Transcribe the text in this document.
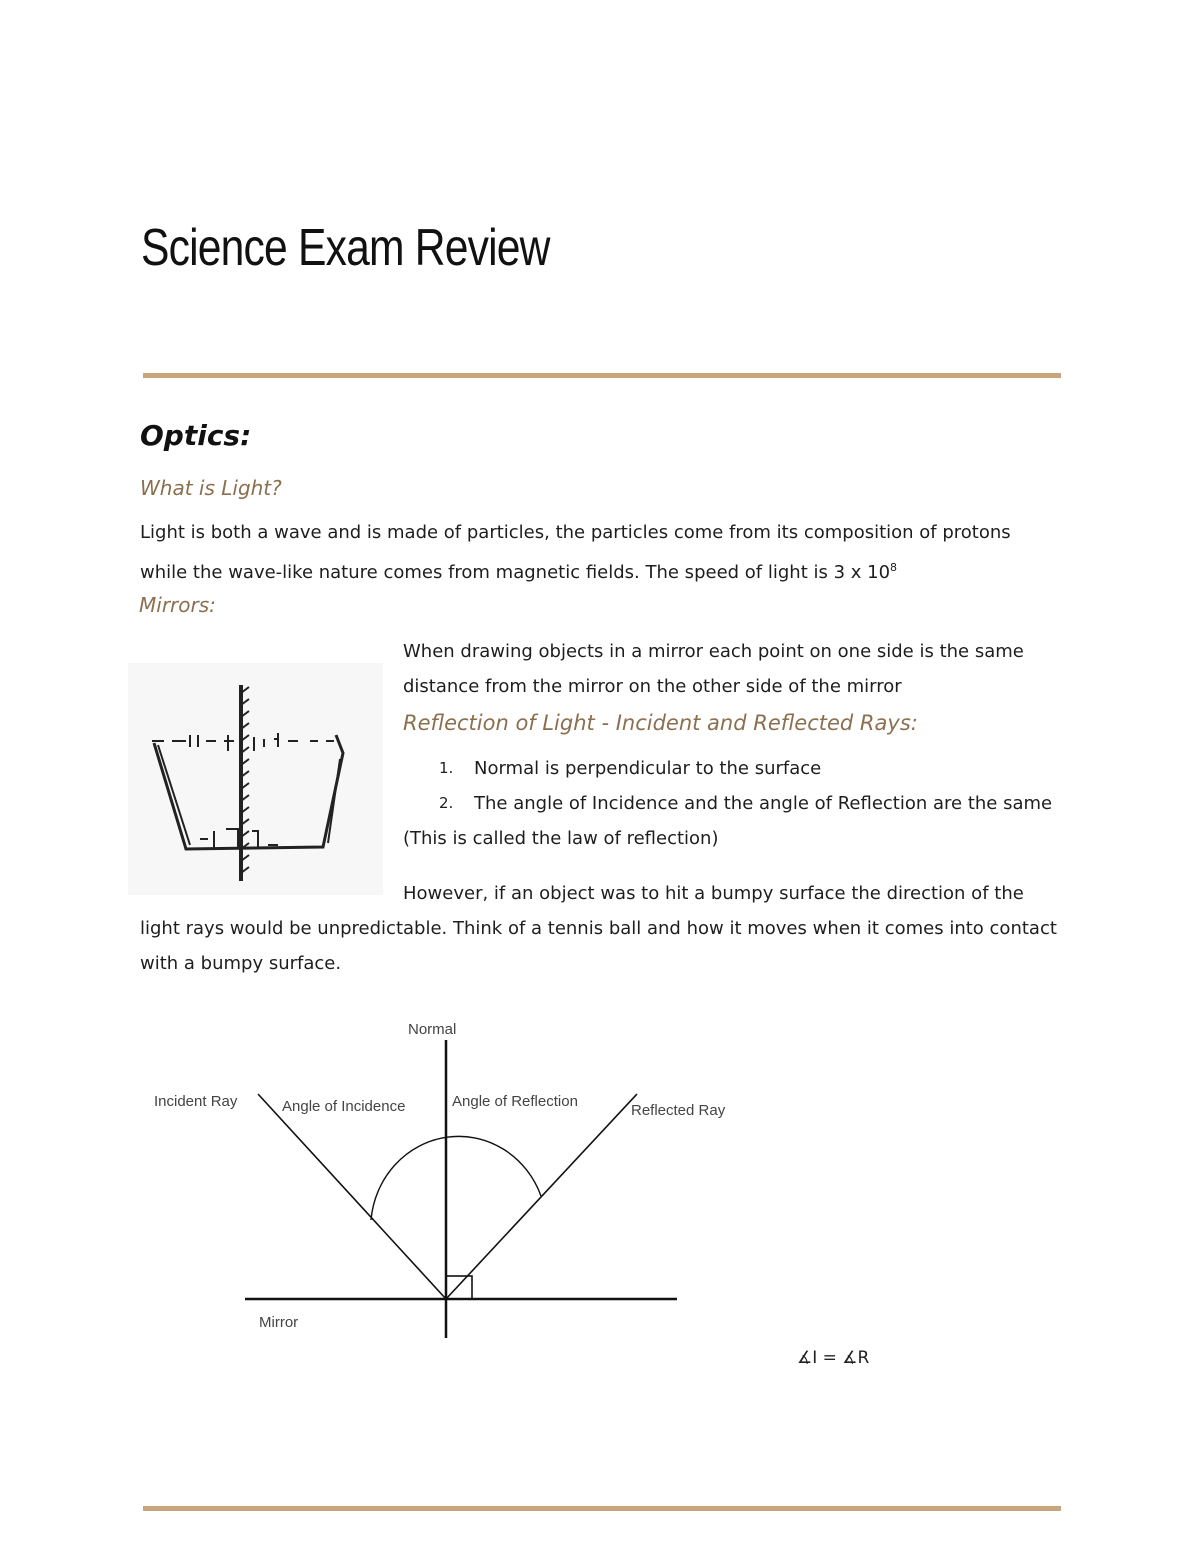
Science Exam Review
Optics:
What is Light?
Light is both a wave and is made of particles, the particles come from its composition of protons
while the wave-like nature comes from magnetic fields. The speed of light is 3 x $10^8$
Mirrors:
When drawing objects in a mirror each point on one side is the same
distance from the mirror on the other side of the mirror
Reflection of Light - Incident and Reflected Rays:
1. Normal is perpendicular to the surface
2. The angle of Incidence and the angle of Reflection are the same
(This is called the law of reflection)
However, if an object was to hit a bumpy surface the direction of the
light rays would be unpredictable. Think of a tennis ball and how it moves when it comes into contact
with a bumpy surface.
Normal
Incident Ray	Angle of Incidence	Angle of Reflection
Reflected Ray
Mirror
∡I = ∡R
